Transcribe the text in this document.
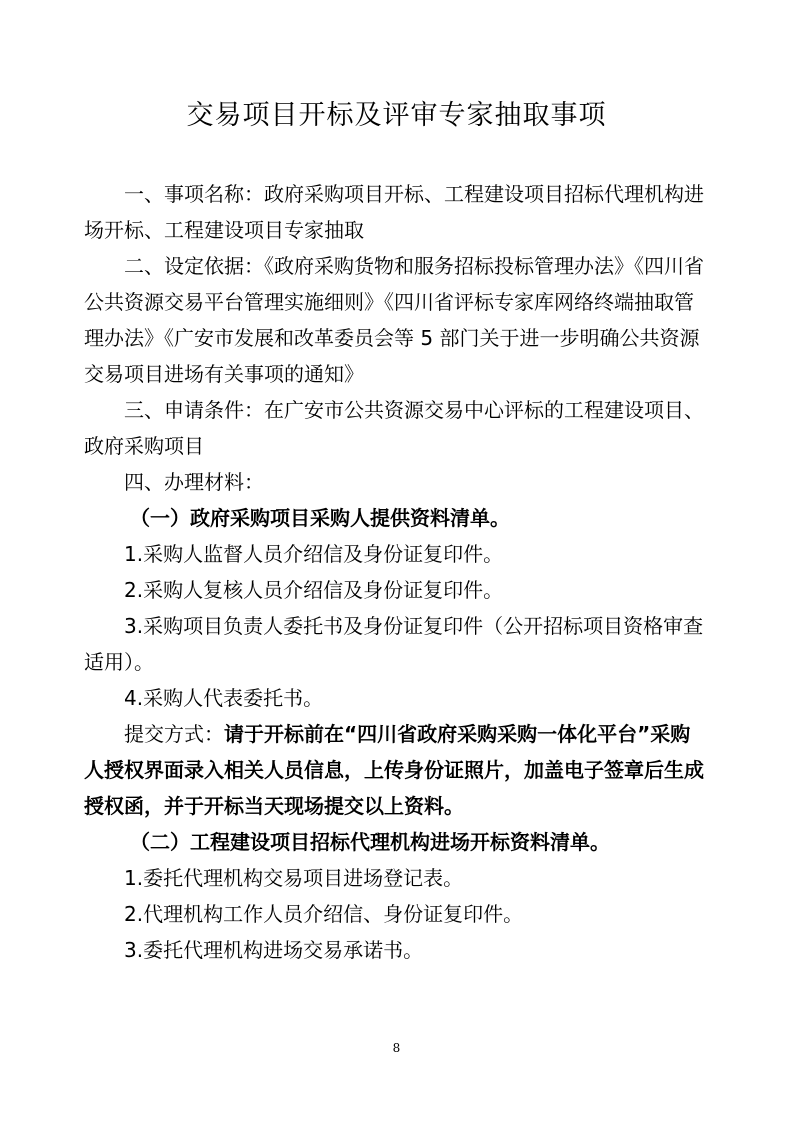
交易项目开标及评审专家抽取事项

一、事项名称：政府采购项目开标、工程建设项目招标代理机构进场开标、工程建设项目专家抽取

二、设定依据：《政府采购货物和服务招标投标管理办法》《四川省公共资源交易平台管理实施细则》《四川省评标专家库网络终端抽取管理办法》《广安市发展和改革委员会等 5 部门关于进一步明确公共资源交易项目进场有关事项的通知》

三、申请条件：在广安市公共资源交易中心评标的工程建设项目、政府采购项目

四、办理材料：

（一）政府采购项目采购人提供资料清单。

1.采购人监督人员介绍信及身份证复印件。

2.采购人复核人员介绍信及身份证复印件。

3.采购项目负责人委托书及身份证复印件（公开招标项目资格审查适用）。

4.采购人代表委托书。

提交方式：请于开标前在“四川省政府采购采购一体化平台”采购人授权界面录入相关人员信息，上传身份证照片，加盖电子签章后生成授权函，并于开标当天现场提交以上资料。

（二）工程建设项目招标代理机构进场开标资料清单。

1.委托代理机构交易项目进场登记表。

2.代理机构工作人员介绍信、身份证复印件。

3.委托代理机构进场交易承诺书。

8
